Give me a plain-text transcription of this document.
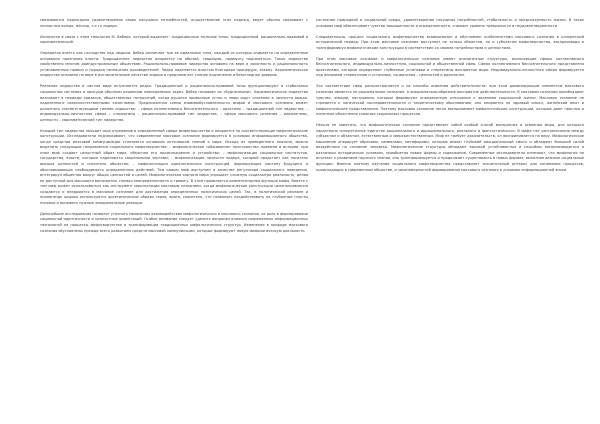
связываются надеждына удовлетворение своих насущных потребностей, осуществление этих надежд, ведет обычно связывают с личностью вождя, мессии, т.е.ть лидера.

Интересна в связи с этим типология М. Вебера, который выделяет: традиционные тыльные типы: традиционный, рационально-правовой и харизматический.

Определяя власть как господство над людьми, Вебер различает три ее идеальных типа, каждый из которых опирается на определенные основания признания власти. Традиционное лидерство опирается на обычай, традицию, привычку подчиняться. Такое лидерство свойственно многим доиндустриальным обществам. Рационально-правовое лидерство основано на вере в законность и рациональность установленных правил и порядка назначения руководителей. Лидер наделяется властью благодаря процедуре, закону. Харизматическое лидерство основано на вере в исключительные качества лидера и предполагает слепое подчинение и безоглядное доверие.

Реальное лидерство в чистом виде встречается редко. Традиционный и рационально-правовой типы функционируют в стабильных социальных системах и присущи обычным решениям повседневных задач. Вебер называет их «будничными». Харизматическое лидерство возникает в периоды кризисов, общественных потрясений, когда рушатся привычные устои и люди ищут спасения в личности вождя, наделенного сверхъестественными качествами. Предложенная схема взаимообусловленности мифов и массового сознания может дополнять соответствующими типами лидерства: – сфера коллективного бессознательного – архетипы – традиционный тип лидерства; – индивидуально-личностная сфера – стереотипы – рационально-правовой тип лидерства; – сфера массового сознания – идеологемы, ценности – харизматический тип лидерства.

Каждый тип лидерства находит свое отражение в определенной сфере мифотворчества и опирается на соответствующие мифологические конструкции. Исследователи подчеркивают, что современное массовое сознание формируется в условиях информационного общества, когда средства массовой коммуникации становятся основным источником знаний о мире. Исходя из приведенного анализа, можно выделить следующие направления социального мифотворчества: – мифологическое «обживание» пространства, времени и истории, при этом миф создает целостный образ мира, объясняя его происхождение и устройство; – мифологизация социальных институтов, государства, власти, которые наделяются сакральными чертами; – мифологизация личности лидера, который предстает как носитель высших ценностей и спаситель общества; – мифологизация идеологических конструкций, формирующих картину будущего и обосновывающих необходимость определенных действий. Тем самым миф выступает в качестве регулятора социального поведения, интегрируя общество вокруг общих ценностей и целей. Мифологическая картина мира упрощает сложную социальную реальность, делая ее доступной для массового восприятия, снимая неопределенность и тревогу. В этом проявляется компенсаторная функция мифа. Вместе с тем миф может использоваться как инструмент манипуляции массовым сознанием, когда мифологические конструкции целенаправленно создаются и внедряются в массовое сознание для достижения определенных политических целей. Так, в политической рекламе и пропаганде широко используются архетипические образы героя, врага, спасителя, что позволяет воздействовать на глубинные пласты психики и вызывать нужные эмоциональные реакции.

Дальнейшие исследования позволят уточнить механизмы взаимодействия мифологического и массового сознания, их роль в формировании социальной идентичности и ценностных ориентаций. Особое внимание следует уделить вопросам влияния современных информационных технологий на процессы мифотворчества и трансформации традиционных мифологических структур. Изменения в природе массового сознания обусловлены прежде всего развитием средств массовой коммуникации, которые формируют новую мифологическую реальность.

состояние природной и социальной среды, удовлетворение насущных потребностей, стабильность и предсказуемость жизни. В таких условиях миф обеспечивает чувство защищенности и определенности, снижает уровень тревожности и неудовлетворенности.

Следовательно, процесс социального мифотворчества взаимосвязан и обусловлен особенностями массового сознания в конкретный исторический период. При этом массовое сознание выступает не только объектом, но и субъектом мифотворчества, воспроизводя и трансформируя мифологические конструкции в соответствии со своими потребностями и ценностями.

При этом массовое сознание и мифологическое сознание имеют аналогичные структуры, включающие сферы коллективного бессознательного, индивидуально-личностную, социальной и общественной сфер. Сфера коллективного бессознательного представлена архетипами, которые определяют глубинные установки и стереотипы восприятия мира. Индивидуально-личностная сфера формируется под влиянием стереотипов и установок, социальная – ценностей и идеологем.

Эта соответствие сфер распространяется и на способы освоения действительности: при этом доминирующим элементом массового сознания является не рациональное познание, а эмоционально-образное восприятие действительности. В массовом сознании преобладают чувства, эмоции, настроения, которые формируют определенное отношение к явлениям социальной жизни. Массовое сознание не стремится к логической последовательности и теоретическому обоснованию, оно опирается на здравый смысл, житейский опыт и мифологические представления. Поэтому массовое сознание легко воспринимает мифологические конструкции, которые дают простые и понятные объяснения сложных социальных процессов.

Нельзя не заметить, что мифологическое сознание представляет собой особый способ восприятия и освоения мира, для которого характерно синкретичное единство рационального и иррационального, реального и фантастического. В мифе нет разграничения между субъектом и объектом, естественным и сверхъестественным. Миф не требует доказательств, он воспринимается на веру. Мифологическое мышление оперирует образами, символами, метафорами, которые имеют глубокий эмоциональный смысл и обладают большой силой воздействия на сознание человека. Мифологические структуры обладают высокой устойчивостью и способны воспроизводиться в различных исторических условиях, приобретая новые формы и содержание. Современные исследователи отмечают, что мифология не исчезает с развитием научного знания, она трансформируется и продолжает существовать в новых формах, выполняя важные социальные функции. Именно поэтому изучение социального мифотворчества представляет значительный интерес для понимания процессов, происходящих в современном обществе, и закономерностей формирования массового сознания в условиях информационной эпохи.
